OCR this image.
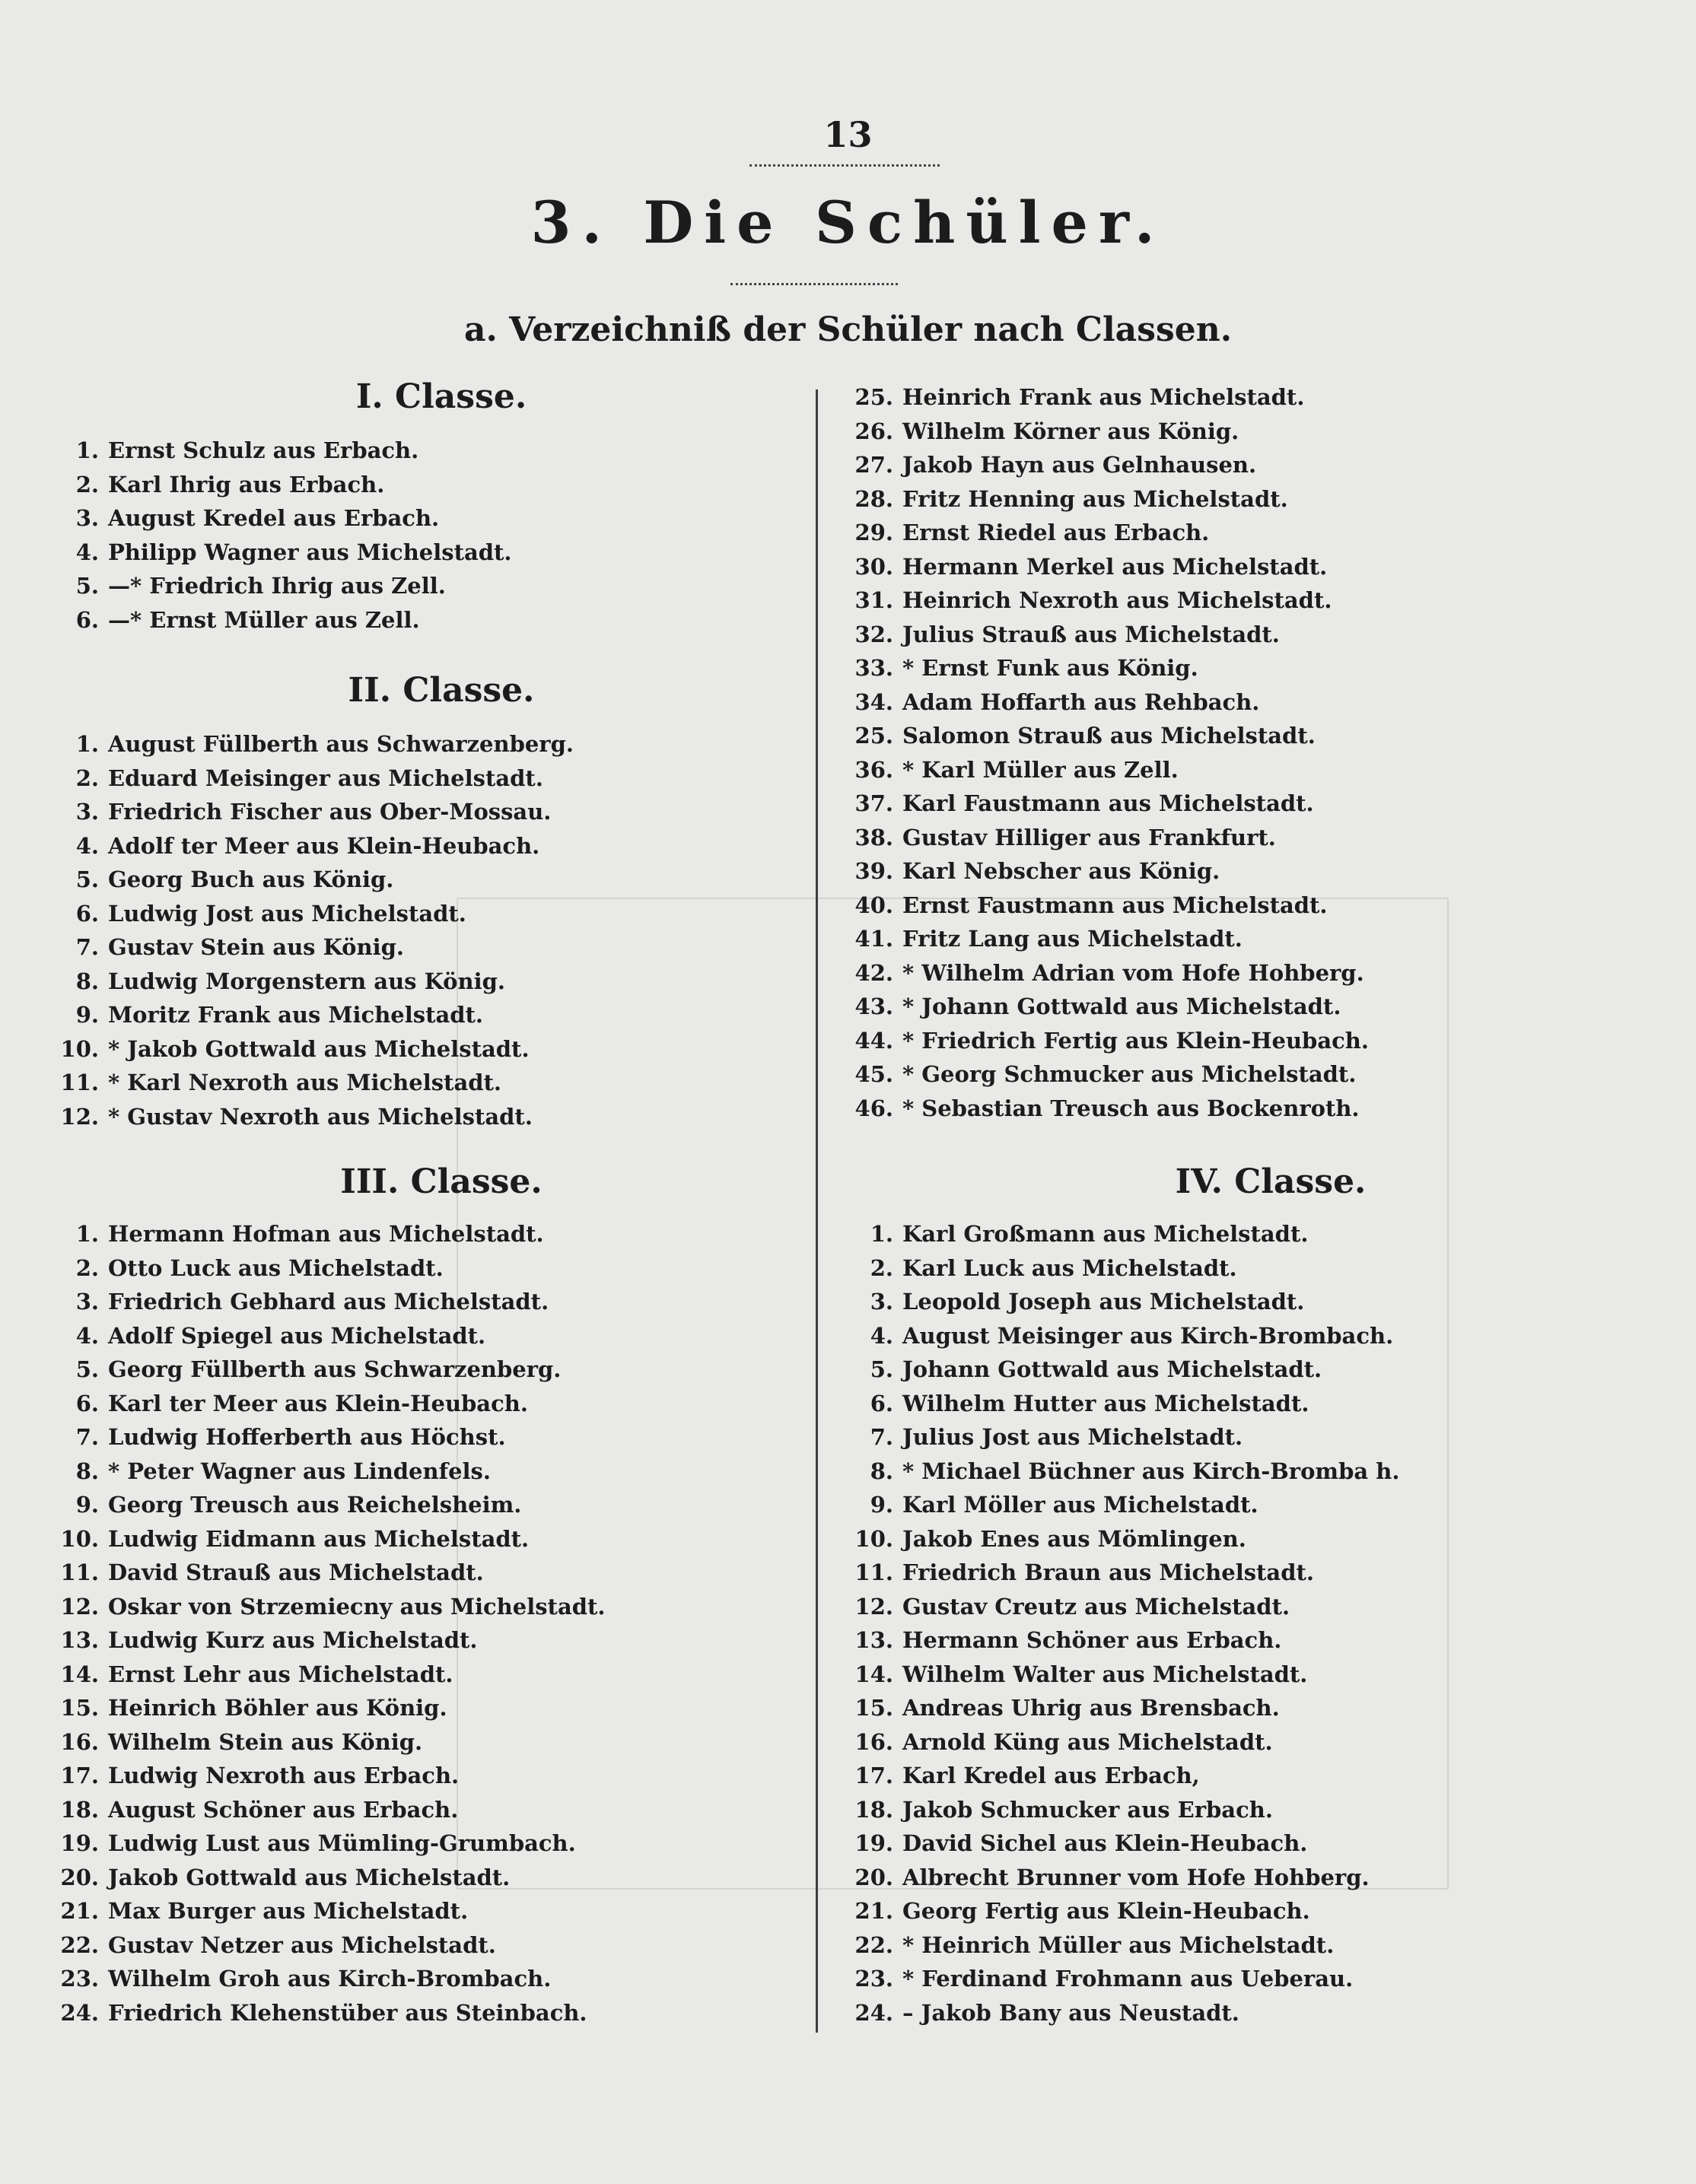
13
3. Die Schüler.
a. Verzeichniß der Schüler nach Classen.
I. Classe.
1. Ernst Schulz aus Erbach.
2. Karl Ihrig aus Erbach.
3. August Kredel aus Erbach.
4. Philipp Wagner aus Michelstadt.
5. —* Friedrich Ihrig aus Zell.
6. —* Ernst Müller aus Zell.
II. Classe.
1. August Füllberth aus Schwarzenberg.
2. Eduard Meisinger aus Michelstadt.
3. Friedrich Fischer aus Ober-Mossau.
4. Adolf ter Meer aus Klein-Heubach.
5. Georg Buch aus König.
6. Ludwig Jost aus Michelstadt.
7. Gustav Stein aus König.
8. Ludwig Morgenstern aus König.
9. Moritz Frank aus Michelstadt.
10. * Jakob Gottwald aus Michelstadt.
11. * Karl Nexroth aus Michelstadt.
12. * Gustav Nexroth aus Michelstadt.
III. Classe.
1. Hermann Hofman aus Michelstadt.
2. Otto Luck aus Michelstadt.
3. Friedrich Gebhard aus Michelstadt.
4. Adolf Spiegel aus Michelstadt.
5. Georg Füllberth aus Schwarzenberg.
6. Karl ter Meer aus Klein-Heubach.
7. Ludwig Hofferberth aus Höchst.
8. * Peter Wagner aus Lindenfels.
9. Georg Treusch aus Reichelsheim.
10. Ludwig Eidmann aus Michelstadt.
11. David Strauß aus Michelstadt.
12. Oskar von Strzemiecny aus Michelstadt.
13. Ludwig Kurz aus Michelstadt.
14. Ernst Lehr aus Michelstadt.
15. Heinrich Böhler aus König.
16. Wilhelm Stein aus König.
17. Ludwig Nexroth aus Erbach.
18. August Schöner aus Erbach.
19. Ludwig Lust aus Mümling-Grumbach.
20. Jakob Gottwald aus Michelstadt.
21. Max Burger aus Michelstadt.
22. Gustav Netzer aus Michelstadt.
23. Wilhelm Groh aus Kirch-Brombach.
24. Friedrich Klehenstüber aus Steinbach.
25. Heinrich Frank aus Michelstadt.
26. Wilhelm Körner aus König.
27. Jakob Hayn aus Gelnhausen.
28. Fritz Henning aus Michelstadt.
29. Ernst Riedel aus Erbach.
30. Hermann Merkel aus Michelstadt.
31. Heinrich Nexroth aus Michelstadt.
32. Julius Strauß aus Michelstadt.
33. * Ernst Funk aus König.
34. Adam Hoffarth aus Rehbach.
25. Salomon Strauß aus Michelstadt.
36. * Karl Müller aus Zell.
37. Karl Faustmann aus Michelstadt.
38. Gustav Hilliger aus Frankfurt.
39. Karl Nebscher aus König.
40. Ernst Faustmann aus Michelstadt.
41. Fritz Lang aus Michelstadt.
42. * Wilhelm Adrian vom Hofe Hohberg.
43. * Johann Gottwald aus Michelstadt.
44. * Friedrich Fertig aus Klein-Heubach.
45. * Georg Schmucker aus Michelstadt.
46. * Sebastian Treusch aus Bockenroth.
IV. Classe.
1. Karl Großmann aus Michelstadt.
2. Karl Luck aus Michelstadt.
3. Leopold Joseph aus Michelstadt.
4. August Meisinger aus Kirch-Brombach.
5. Johann Gottwald aus Michelstadt.
6. Wilhelm Hutter aus Michelstadt.
7. Julius Jost aus Michelstadt.
8. * Michael Büchner aus Kirch-Bromba h.
9. Karl Möller aus Michelstadt.
10. Jakob Enes aus Mömlingen.
11. Friedrich Braun aus Michelstadt.
12. Gustav Creutz aus Michelstadt.
13. Hermann Schöner aus Erbach.
14. Wilhelm Walter aus Michelstadt.
15. Andreas Uhrig aus Brensbach.
16. Arnold Küng aus Michelstadt.
17. Karl Kredel aus Erbach,
18. Jakob Schmucker aus Erbach.
19. David Sichel aus Klein-Heubach.
20. Albrecht Brunner vom Hofe Hohberg.
21. Georg Fertig aus Klein-Heubach.
22. * Heinrich Müller aus Michelstadt.
23. * Ferdinand Frohmann aus Ueberau.
24. – Jakob Bany aus Neustadt.
